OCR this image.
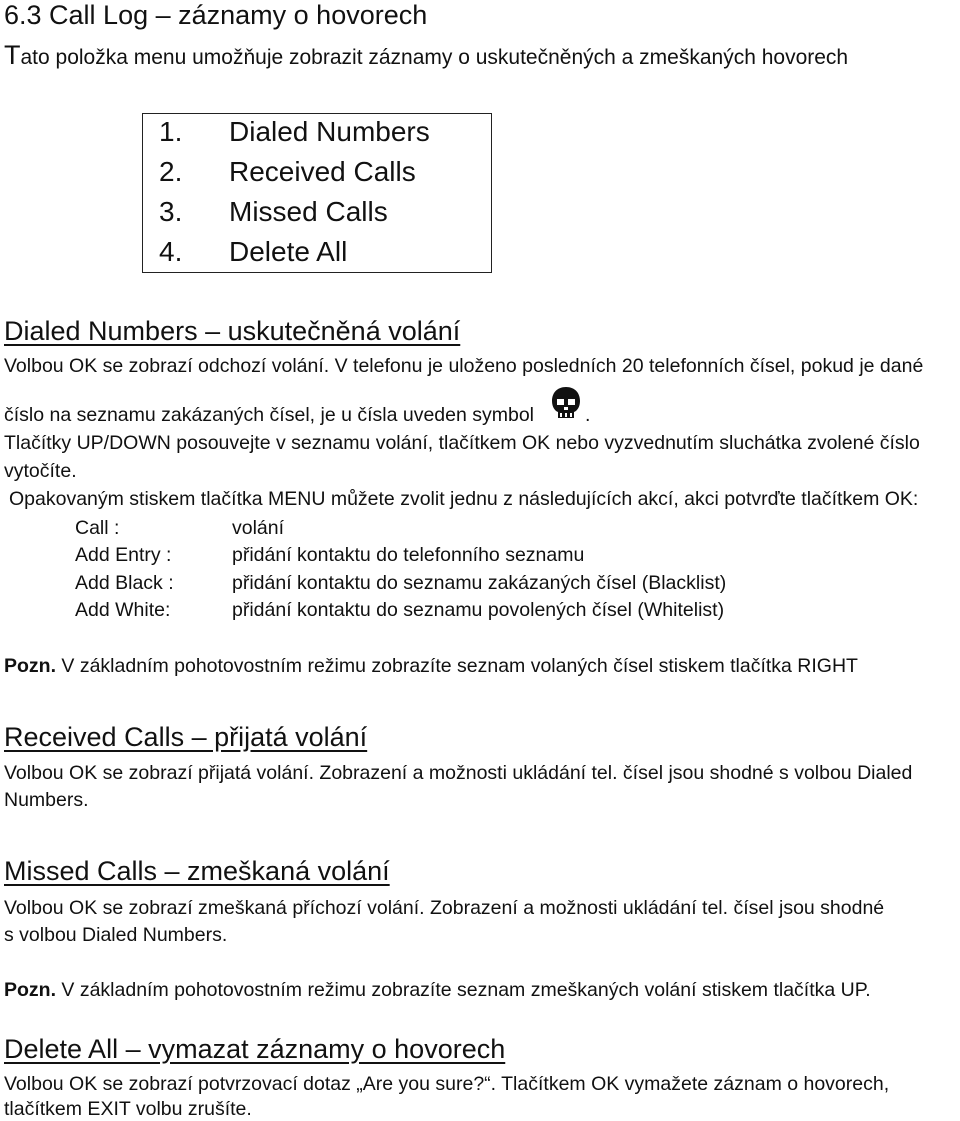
6.3 Call Log – záznamy o hovorech
Tato položka menu umožňuje zobrazit záznamy o uskutečněných a zmeškaných hovorech
1. Dialed Numbers
2. Received Calls
3. Missed Calls
4. Delete All
Dialed Numbers – uskutečněná volání
Volbou OK se zobrazí odchozí volání. V telefonu je uloženo posledních 20 telefonních čísel, pokud je dané
číslo na seznamu zakázaných čísel, je u čísla uveden symbol	.
Tlačítky UP/DOWN posouvejte v seznamu volání, tlačítkem OK nebo vyzvednutím sluchátka zvolené číslo
vytočíte.
Opakovaným stiskem tlačítka MENU můžete zvolit jednu z následujících akcí, akci potvrďte tlačítkem OK:
Call :	volání
Add Entry :	přidání kontaktu do telefonního seznamu
Add Black :	přidání kontaktu do seznamu zakázaných čísel (Blacklist)
Add White:	přidání kontaktu do seznamu povolených čísel (Whitelist)
Pozn. V základním pohotovostním režimu zobrazíte seznam volaných čísel stiskem tlačítka RIGHT
Received Calls – přijatá volání
Volbou OK se zobrazí přijatá volání. Zobrazení a možnosti ukládání tel. čísel jsou shodné s volbou Dialed
Numbers.
Missed Calls – zmeškaná volání
Volbou OK se zobrazí zmeškaná příchozí volání. Zobrazení a možnosti ukládání tel. čísel jsou shodné
s volbou Dialed Numbers.
Pozn. V základním pohotovostním režimu zobrazíte seznam zmeškaných volání stiskem tlačítka UP.
Delete All – vymazat záznamy o hovorech
Volbou OK se zobrazí potvrzovací dotaz „Are you sure?“. Tlačítkem OK vymažete záznam o hovorech,
tlačítkem EXIT volbu zrušíte.
